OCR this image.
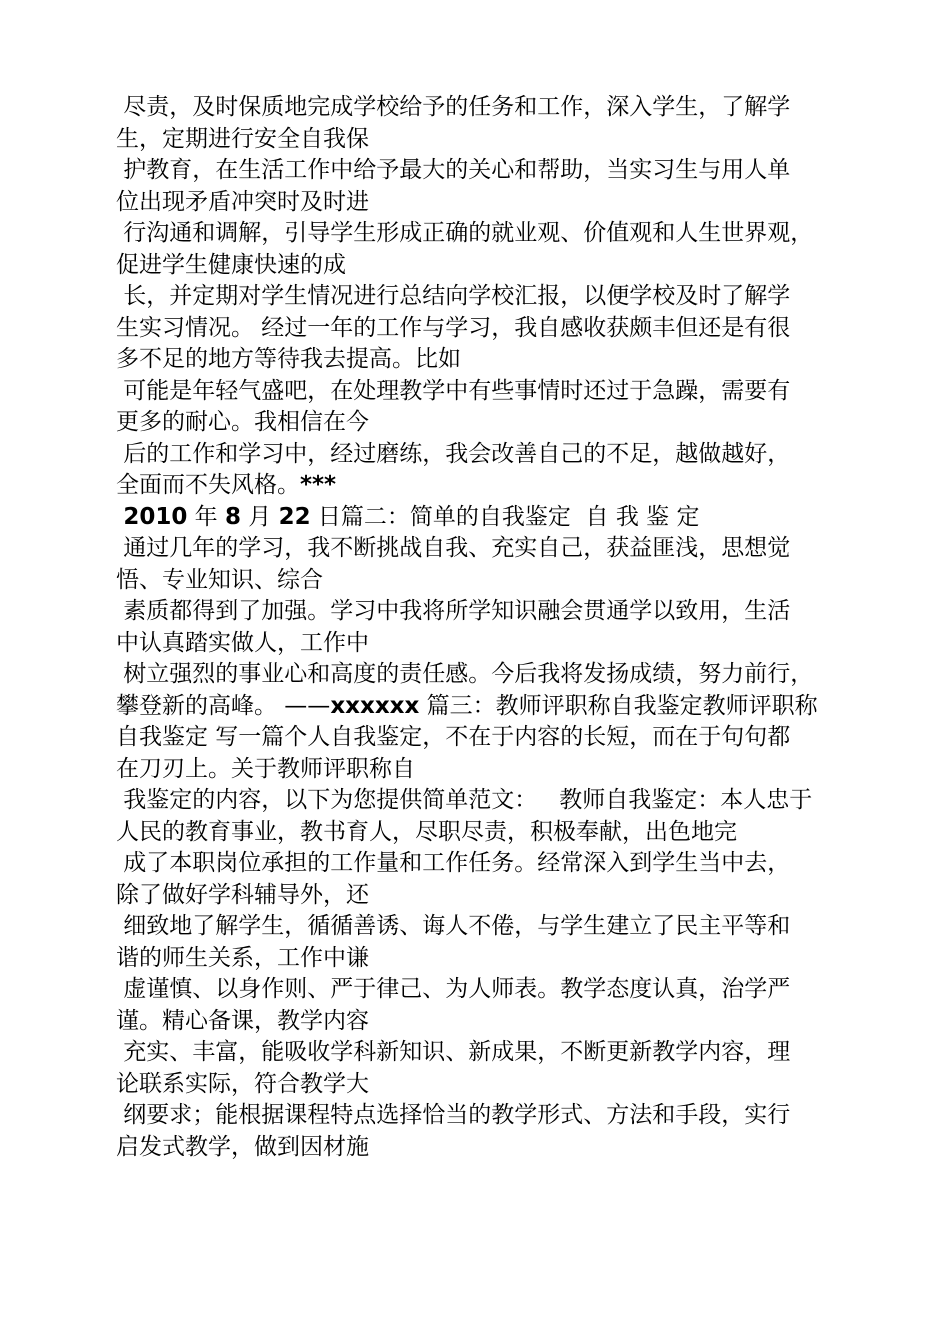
尽责，及时保质地完成学校给予的任务和工作，深入学生，了解学
生，定期进行安全自我保
护教育，在生活工作中给予最大的关心和帮助，当实习生与用人单
位出现矛盾冲突时及时进
行沟通和调解，引导学生形成正确的就业观、价值观和人生世界观，
促进学生健康快速的成
长，并定期对学生情况进行总结向学校汇报，以便学校及时了解学
生实习情况。 经过一年的工作与学习，我自感收获颇丰但还是有很
多不足的地方等待我去提高。比如
可能是年轻气盛吧，在处理教学中有些事情时还过于急躁，需要有
更多的耐心。我相信在今
后的工作和学习中，经过磨练，我会改善自己的不足，越做越好，
全面而不失风格。***
2010 年 8 月 22 日篇二：简单的自我鉴定  自 我 鉴 定
通过几年的学习，我不断挑战自我、充实自己，获益匪浅，思想觉
悟、专业知识、综合
素质都得到了加强。学习中我将所学知识融会贯通学以致用，生活
中认真踏实做人，工作中
树立强烈的事业心和高度的责任感。今后我将发扬成绩，努力前行，
攀登新的高峰。 ——xxxxxx 篇三：教师评职称自我鉴定教师评职称
自我鉴定 写一篇个人自我鉴定，不在于内容的长短，而在于句句都
在刀刃上。关于教师评职称自
我鉴定的内容，以下为您提供简单范文：   教师自我鉴定：本人忠于
人民的教育事业，教书育人，尽职尽责，积极奉献，出色地完
成了本职岗位承担的工作量和工作任务。经常深入到学生当中去，
除了做好学科辅导外，还
细致地了解学生，循循善诱、诲人不倦，与学生建立了民主平等和
谐的师生关系，工作中谦
虚谨慎、以身作则、严于律己、为人师表。教学态度认真，治学严
谨。精心备课，教学内容
充实、丰富，能吸收学科新知识、新成果，不断更新教学内容，理
论联系实际，符合教学大
纲要求；能根据课程特点选择恰当的教学形式、方法和手段，实行
启发式教学，做到因材施
